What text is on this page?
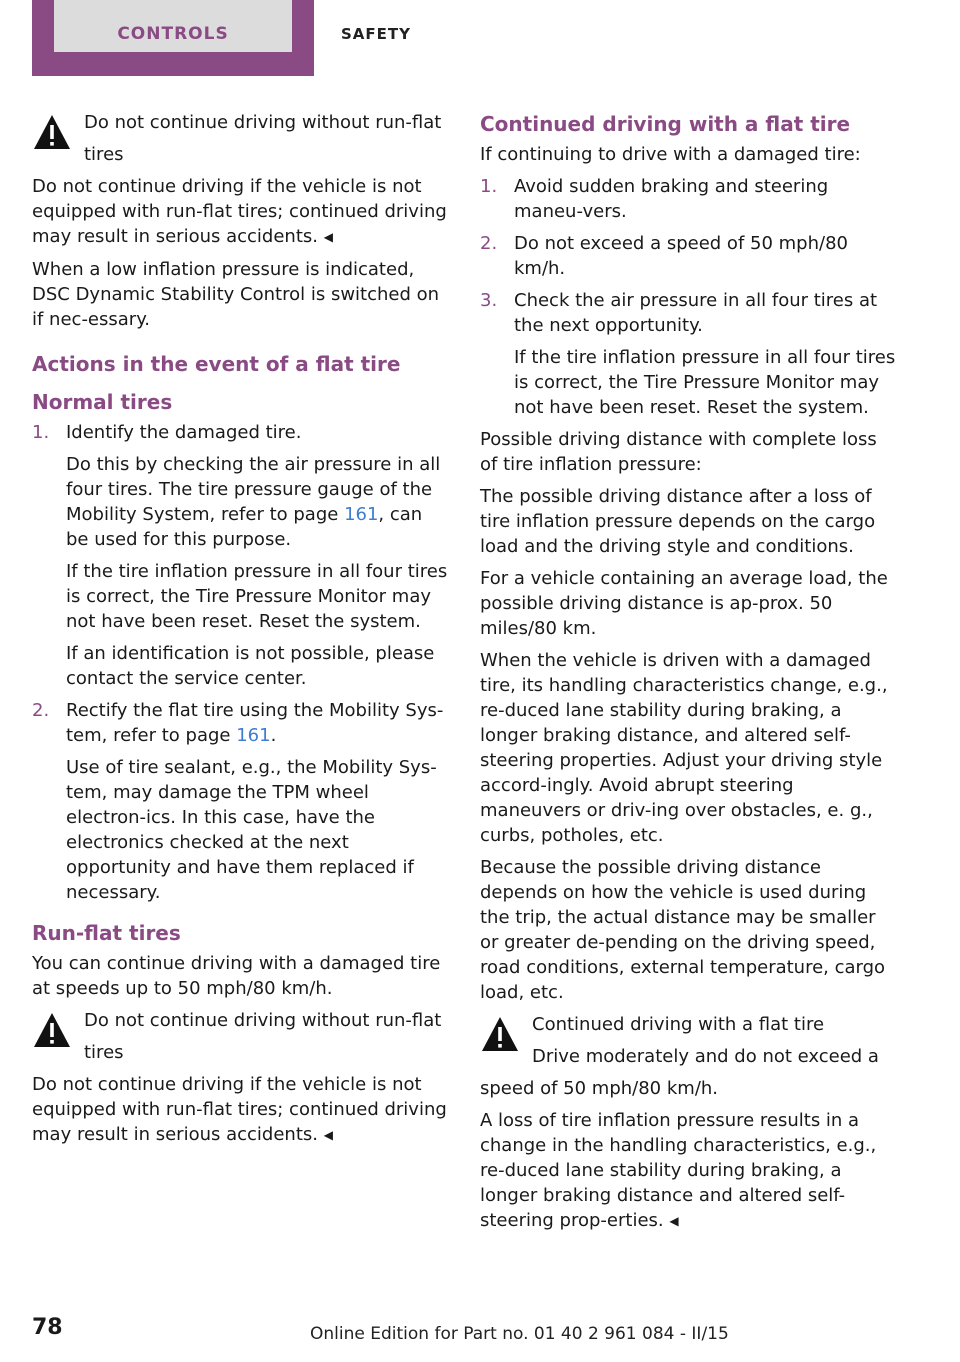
CONTROLS	SAFETY
Do not continue driving without run-flat
tires

Do not continue driving if the vehicle is not equipped with run-flat tires; continued driving may result in serious accidents. ◀

When a low inflation pressure is indicated, DSC Dynamic Stability Control is switched on if nec-essary.

Actions in the event of a flat tire
Normal tires
1. Identify the damaged tire.

Do this by checking the air pressure in all four tires. The tire pressure gauge of the Mobility System, refer to page 161, can be used for this purpose.

If the tire inflation pressure in all four tires is correct, the Tire Pressure Monitor may not have been reset. Reset the system.

If an identification is not possible, please contact the service center.

2. Rectify the flat tire using the Mobility Sys-tem, refer to page 161.

Use of tire sealant, e.g., the Mobility Sys-tem, may damage the TPM wheel electron-ics. In this case, have the electronics checked at the next opportunity and have them replaced if necessary.

Run-flat tires

You can continue driving with a damaged tire at speeds up to 50 mph/80 km/h.

Do not continue driving without run-flat
tires

Do not continue driving if the vehicle is not equipped with run-flat tires; continued driving may result in serious accidents. ◀

Continued driving with a flat tire

If continuing to drive with a damaged tire:

1. Avoid sudden braking and steering maneu-vers.
2. Do not exceed a speed of 50 mph/80 km/h.
3. Check the air pressure in all four tires at the next opportunity.

If the tire inflation pressure in all four tires is correct, the Tire Pressure Monitor may not have been reset. Reset the system.

Possible driving distance with complete loss of tire inflation pressure:

The possible driving distance after a loss of tire inflation pressure depends on the cargo load and the driving style and conditions.

For a vehicle containing an average load, the possible driving distance is ap-prox. 50 miles/80 km.

When the vehicle is driven with a damaged tire, its handling characteristics change, e.g., re-duced lane stability during braking, a longer braking distance, and altered self-steering properties. Adjust your driving style accord-ingly. Avoid abrupt steering maneuvers or driv-ing over obstacles, e. g., curbs, potholes, etc.

Because the possible driving distance depends on how the vehicle is used during the trip, the actual distance may be smaller or greater de-pending on the driving speed, road conditions, external temperature, cargo load, etc.

Continued driving with a flat tire
Drive moderately and do not exceed a

speed of 50 mph/80 km/h.

A loss of tire inflation pressure results in a change in the handling characteristics, e.g., re-duced lane stability during braking, a longer braking distance and altered self-steering prop-erties. ◀

78	Online Edition for Part no. 01 40 2 961 084 - II/15
